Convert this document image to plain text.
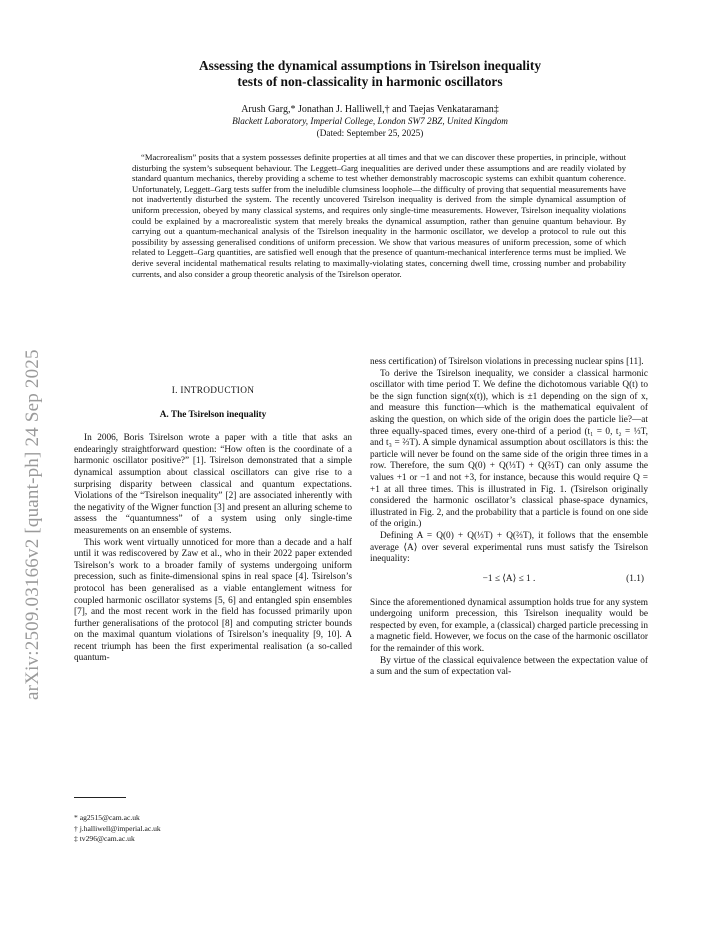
arXiv:2509.03166v2 [quant-ph] 24 Sep 2025
Assessing the dynamical assumptions in Tsirelson inequality
tests of non-classicality in harmonic oscillators
Arush Garg,* Jonathan J. Halliwell,† and Taejas Venkataraman‡
Blackett Laboratory, Imperial College, London SW7 2BZ, United Kingdom
(Dated: September 25, 2025)

“Macrorealism” posits that a system possesses definite properties at all times and that we can discover these properties, in principle, without disturbing the system’s subsequent behaviour. The Leggett–Garg inequalities are derived under these assumptions and are readily violated by standard quantum mechanics, thereby providing a scheme to test whether demonstrably macroscopic systems can exhibit quantum coherence. Unfortunately, Leggett–Garg tests suffer from the ineludible clumsiness loophole—the difficulty of proving that sequential measurements have not inadvertently disturbed the system. The recently uncovered Tsirelson inequality is derived from the simple dynamical assumption of uniform precession, obeyed by many classical systems, and requires only single-time measurements. However, Tsirelson inequality violations could be explained by a macrorealistic system that merely breaks the dynamical assumption, rather than genuine quantum behaviour. By carrying out a quantum-mechanical analysis of the Tsirelson inequality in the harmonic oscillator, we develop a protocol to rule out this possibility by assessing generalised conditions of uniform precession. We show that various measures of uniform precession, some of which related to Leggett–Garg quantities, are satisfied well enough that the presence of quantum-mechanical interference terms must be implied. We derive several incidental mathematical results relating to maximally-violating states, concerning dwell time, crossing number and probability currents, and also consider a group theoretic analysis of the Tsirelson operator.

I. INTRODUCTION
A. The Tsirelson inequality

In 2006, Boris Tsirelson wrote a paper with a title that asks an endearingly straightforward question: “How often is the coordinate of a harmonic oscillator positive?” [1]. Tsirelson demonstrated that a simple dynamical assumption about classical oscillators can give rise to a surprising disparity between classical and quantum expectations. Violations of the “Tsirelson inequality” [2] are associated inherently with the negativity of the Wigner function [3] and present an alluring scheme to assess the “quantumness” of a system using only single-time measurements on an ensemble of systems.

This work went virtually unnoticed for more than a decade and a half until it was rediscovered by Zaw et al., who in their 2022 paper extended Tsirelson’s work to a broader family of systems undergoing uniform precession, such as finite-dimensional spins in real space [4]. Tsirelson’s protocol has been generalised as a viable entanglement witness for coupled harmonic oscillator systems [5, 6] and entangled spin ensembles [7], and the most recent work in the field has focussed primarily upon further generalisations of the protocol [8] and computing stricter bounds on the maximal quantum violations of Tsirelson’s inequality [9, 10]. A recent triumph has been the first experimental realisation (a so-called quantum-

ness certification) of Tsirelson violations in precessing nuclear spins [11].

To derive the Tsirelson inequality, we consider a classical harmonic oscillator with time period T. We define the dichotomous variable Q(t) to be the sign function sign(x(t)), which is ±1 depending on the sign of x, and measure this function—which is the mathematical equivalent of asking the question, on which side of the origin does the particle lie?—at three equally-spaced times, every one-third of a period (t₁ = 0, t₂ = ⅓T, and t₃ = ⅔T). A simple dynamical assumption about oscillators is this: the particle will never be found on the same side of the origin three times in a row. Therefore, the sum Q(0) + Q(⅓T) + Q(⅔T) can only assume the values +1 or −1 and not +3, for instance, because this would require Q = +1 at all three times. This is illustrated in Fig. 1. (Tsirelson originally considered the harmonic oscillator’s classical phase-space dynamics, illustrated in Fig. 2, and the probability that a particle is found on one side of the origin.)

Defining A = Q(0) + Q(⅓T) + Q(⅔T), it follows that the ensemble average ⟨A⟩ over several experimental runs must satisfy the Tsirelson inequality:

−1 ≤ ⟨A⟩ ≤ 1 .	(1.1)

Since the aforementioned dynamical assumption holds true for any system undergoing uniform precession, this Tsirelson inequality would be respected by even, for example, a (classical) charged particle precessing in a magnetic field. However, we focus on the case of the harmonic oscillator for the remainder of this work.

By virtue of the classical equivalence between the expectation value of a sum and the sum of expectation val-

* ag2515@cam.ac.uk
† j.halliwell@imperial.ac.uk
‡ tv296@cam.ac.uk
